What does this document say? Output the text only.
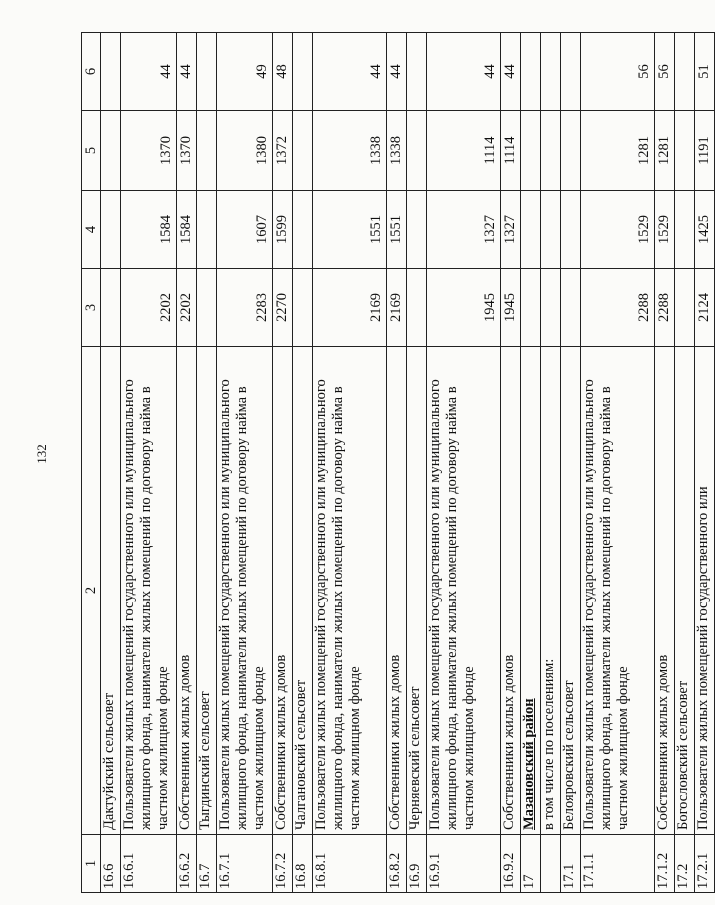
132
1	2	3	4	5	6
16.6	Дактуйский сельсовет				
16.6.1	Пользователи жилых помещений государственного или муниципального жилищного фонда, наниматели жилых помещений по договору найма в частном жилищном фонде	2202	1584	1370	44
16.6.2	Собственники жилых домов	2202	1584	1370	44
16.7	Тыгдинский сельсовет				
16.7.1	Пользователи жилых помещений государственного или муниципального жилищного фонда, наниматели жилых помещений по договору найма в частном жилищном фонде	2283	1607	1380	49
16.7.2	Собственники жилых домов	2270	1599	1372	48
16.8	Чалгановский сельсовет				
16.8.1	Пользователи жилых помещений государственного или муниципального жилищного фонда, наниматели жилых помещений по договору найма в частном жилищном фонде	2169	1551	1338	44
16.8.2	Собственники жилых домов	2169	1551	1338	44
16.9	Черняевский сельсовет				
16.9.1	Пользователи жилых помещений государственного или муниципального жилищного фонда, наниматели жилых помещений по договору найма в частном жилищном фонде	1945	1327	1114	44
16.9.2	Собственники жилых домов	1945	1327	1114	44
17	Мазановский район				
	в том числе по поселениям:				
17.1	Белояровский сельсовет				
17.1.1	Пользователи жилых помещений государственного или муниципального жилищного фонда, наниматели жилых помещений по договору найма в частном жилищном фонде	2288	1529	1281	56
17.1.2	Собственники жилых домов	2288	1529	1281	56
17.2	Богословский сельсовет				
17.2.1	Пользователи жилых помещений государственного или	2124	1425	1191	51
